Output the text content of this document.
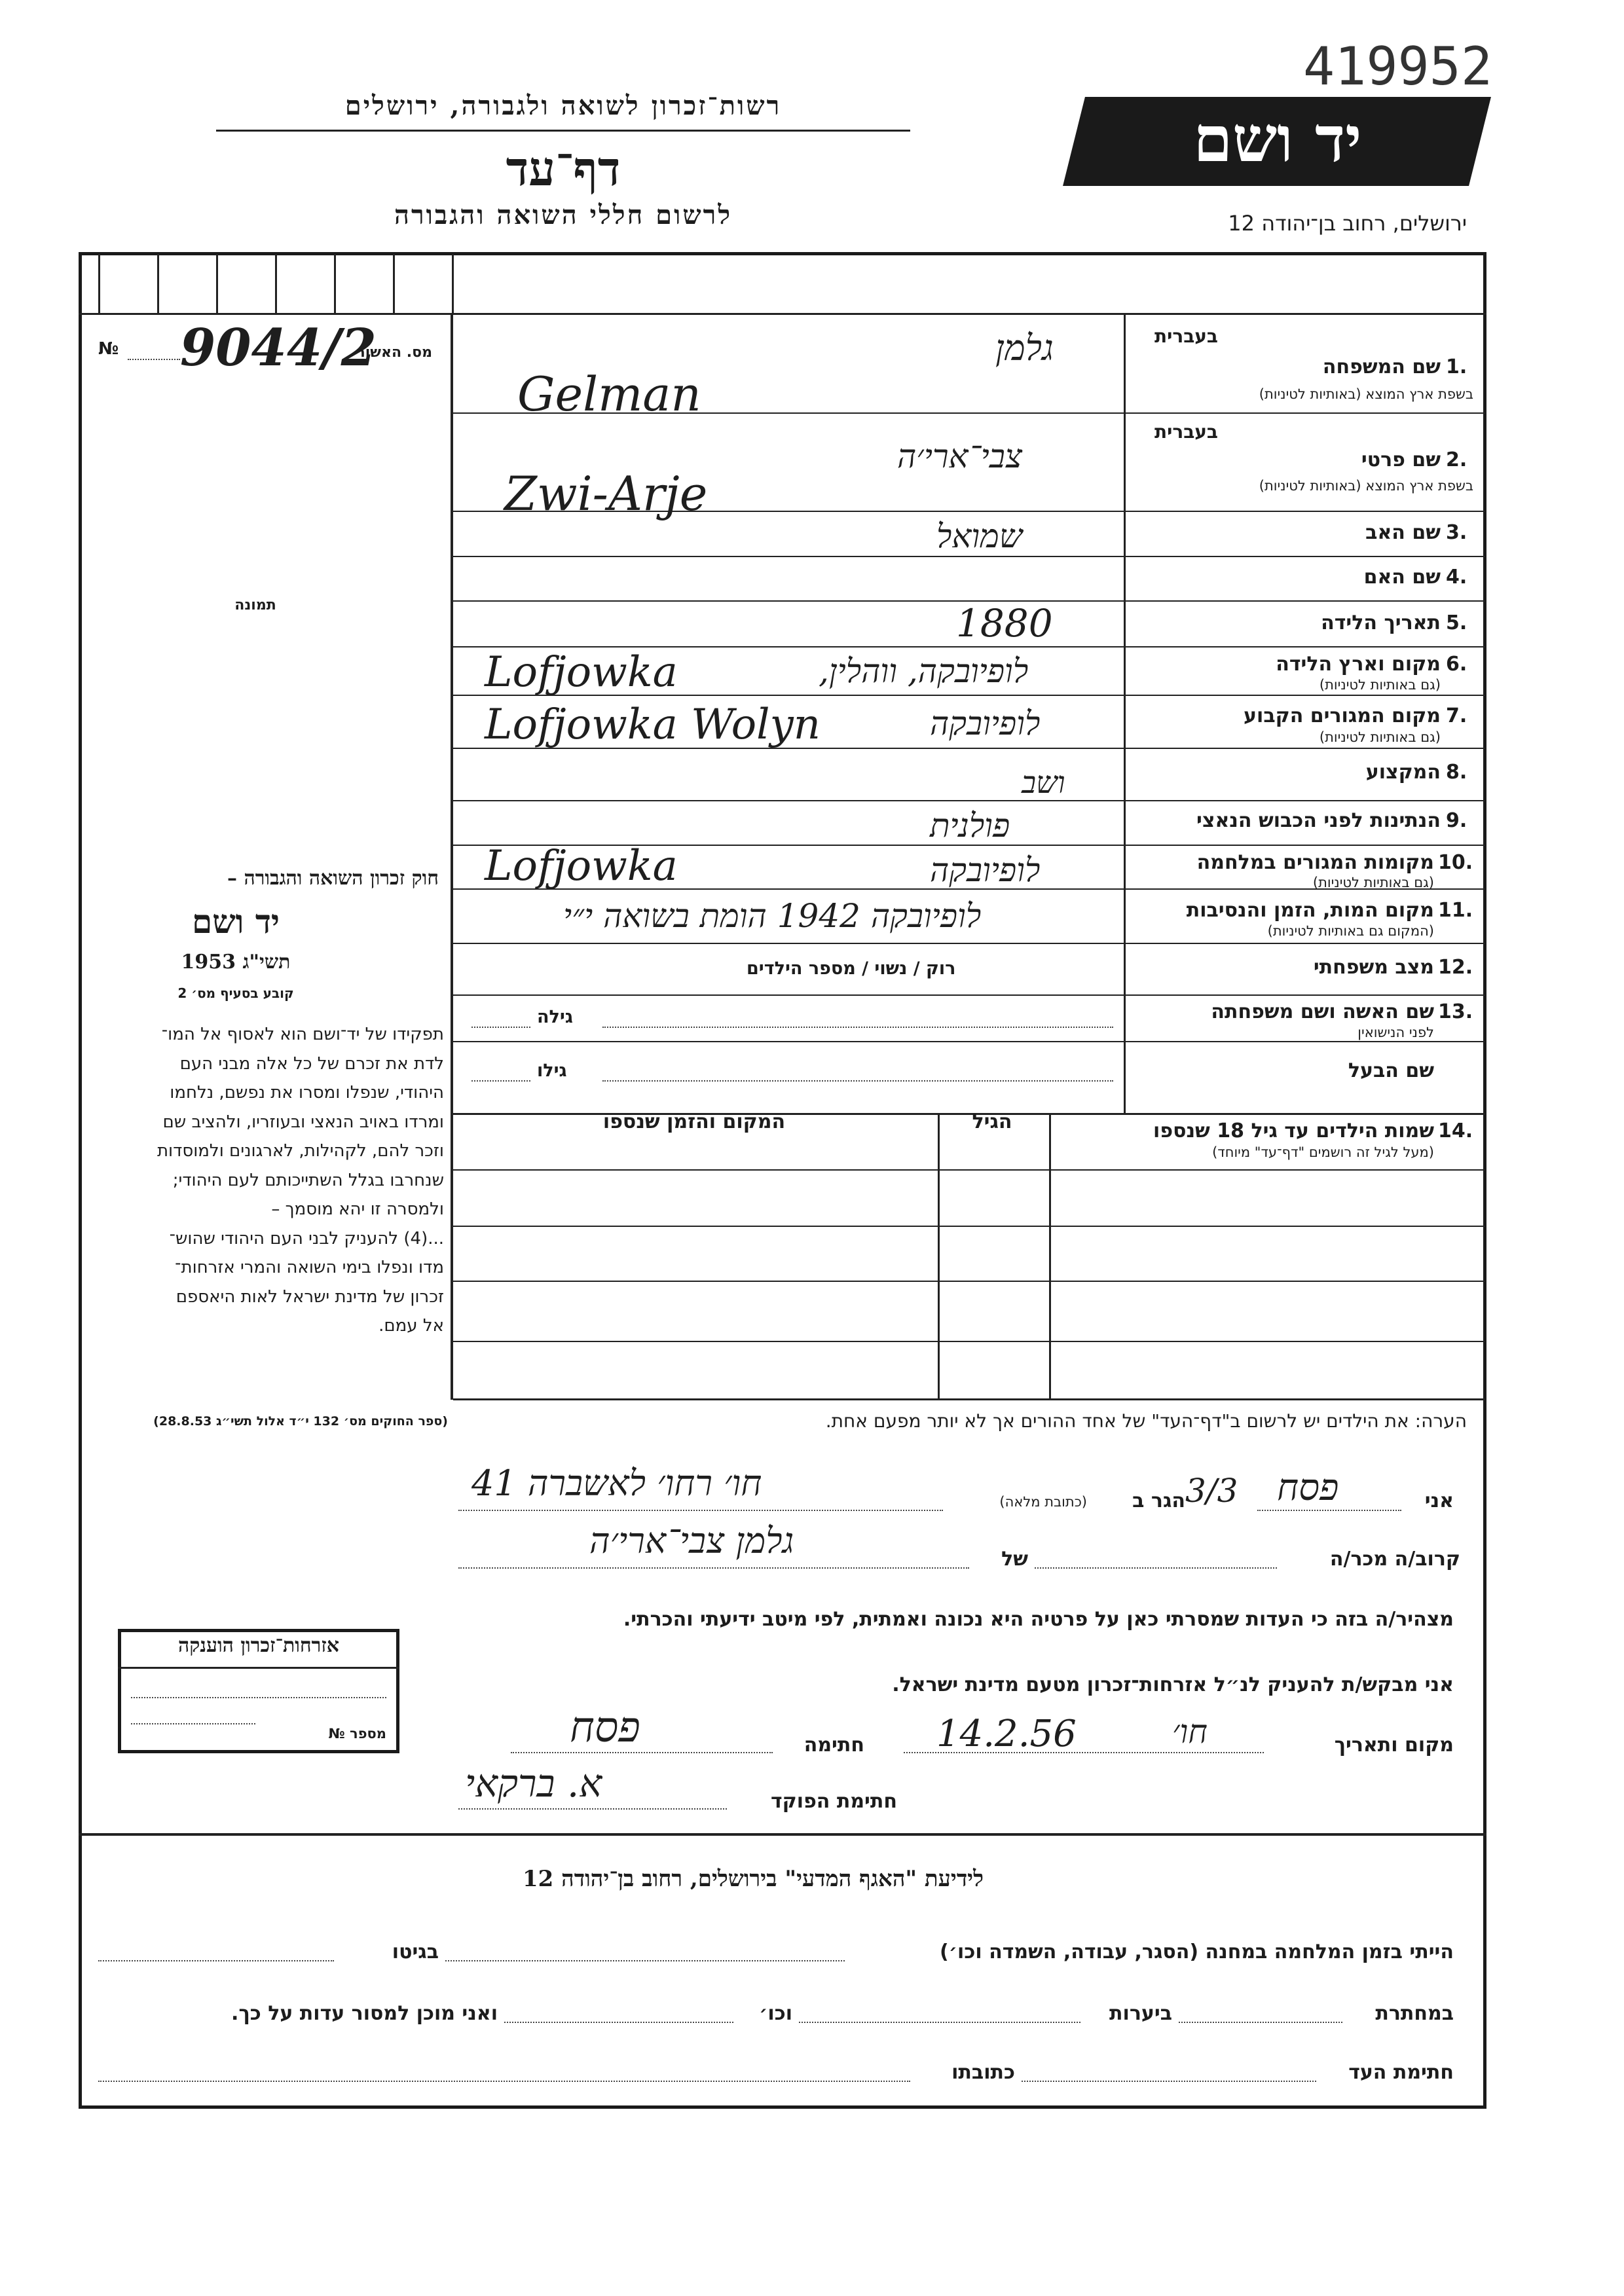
419952
רשות־זכרון לשואה ולגבורה, ירושלים
דף־עד
לרשום חללי השואה והגבורה
יד ושם
ירושלים, רחוב בן־יהודה 12
№ 9044/2
מס. האשור
תמונה
חוק זכרון השואה והגבורה –
יד ושם
תשי"ג 1953
קובע בסעיף מס׳ 2
תפקידו של יד־ושם הוא לאסוף אל המו־
לדת את זכרם של כל אלה מבני העם
היהודי, שנפלו ומסרו את נפשם, נלחמו
ומרדו באויב הנאצי ובעוזריו, ולהציב שם
וזכר להם, לקהילות, לארגונים ולמוסדות
שנחרבו בגלל השתייכותם לעם היהודי;
ולמסרה זו יהא מוסמך –
...(4) להעניק לבני העם היהודי שהוש־
מדו ונפלו בימי השואה והמרי אזרחות־
זכרון של מדינת ישראל לאות היאספם
אל עמם.
(ספר החוקים מס׳ 132 י״ד אלול תשי״ג 28.8.53)
בעברית
1.
שם המשפחה
בשפת ארץ המוצא (באותיות לטיניות)
גלמן
Gelman
בעברית
2.
שם פרטי
בשפת ארץ המוצא (באותיות לטיניות)
צבי־ארי׳ה
Zwi-Arje
3.
שם האב
שמואל
4.
שם האם
5.
תאריך הלידה
1880
6.
מקום וארץ הלידה
(גם באותיות לטיניות)
לופיובקה, ווהלין,
Lofjowka
7.
מקום המגורים הקבוע
(גם באותיות לטיניות)
לופיובקה
Lofjowka Wolyn
8.
המקצוע
ושב
9.
הנתינות לפני הכבוש הנאצי
פולנית
10.
מקומות המגורים במלחמה
(גם באותיות לטיניות)
לופיובקה
Lofjowka
11.
מקום המות, הזמן והנסיבות
(המקום גם באותיות לטיניות)
לופיובקה 1942 הומת בשואה י״י
12.
מצב משפחתי
רוק / נשוי / מספר הילדים
13.
שם האשה ושם משפחתה
לפני הנישואין
גילה
שם הבעל
גילו
14.
שמות הילדים עד גיל 18 שנספו
(מעל לגיל זה רושמים "דף־עד" מיוחד)
הגיל
המקום והזמן שנספו
אזרחות־זכרון הוענקה
מספר №
הערה: את הילדים יש לרשום ב"דף־העד" של אחד ההורים אך לא יותר מפעם אחת.
אני
פסח
הגר ב 3/3
(כתובת מלאה)
חו׳ רחו׳ לאשברה 41
קרוב/ה מכר/ה
של
גלמן צבי־ארי׳ה
מצהיר/ה בזה כי העדות שמסרתי כאן על פרטיה היא נכונה ואמתית, לפי מיטב ידיעתי והכרתי.
אני מבקש/ת להעניק לנ״ל אזרחות־זכרון מטעם מדינת ישראל.
מקום ותאריך
14.2.56	חו׳
חתימה
פסח
חתימת הפוקד
א. ברקאי
לידיעת "האגף המדעי" בירושלים, רחוב בן־יהודה 12
הייתי בזמן המלחמה במחנה (הסגר, עבודה, השמדה וכו׳)
בגיטו
במחתרת
ביערות
וכו׳
ואני מוכן למסור עדות על כך.
חתימת העד
כתובתו
